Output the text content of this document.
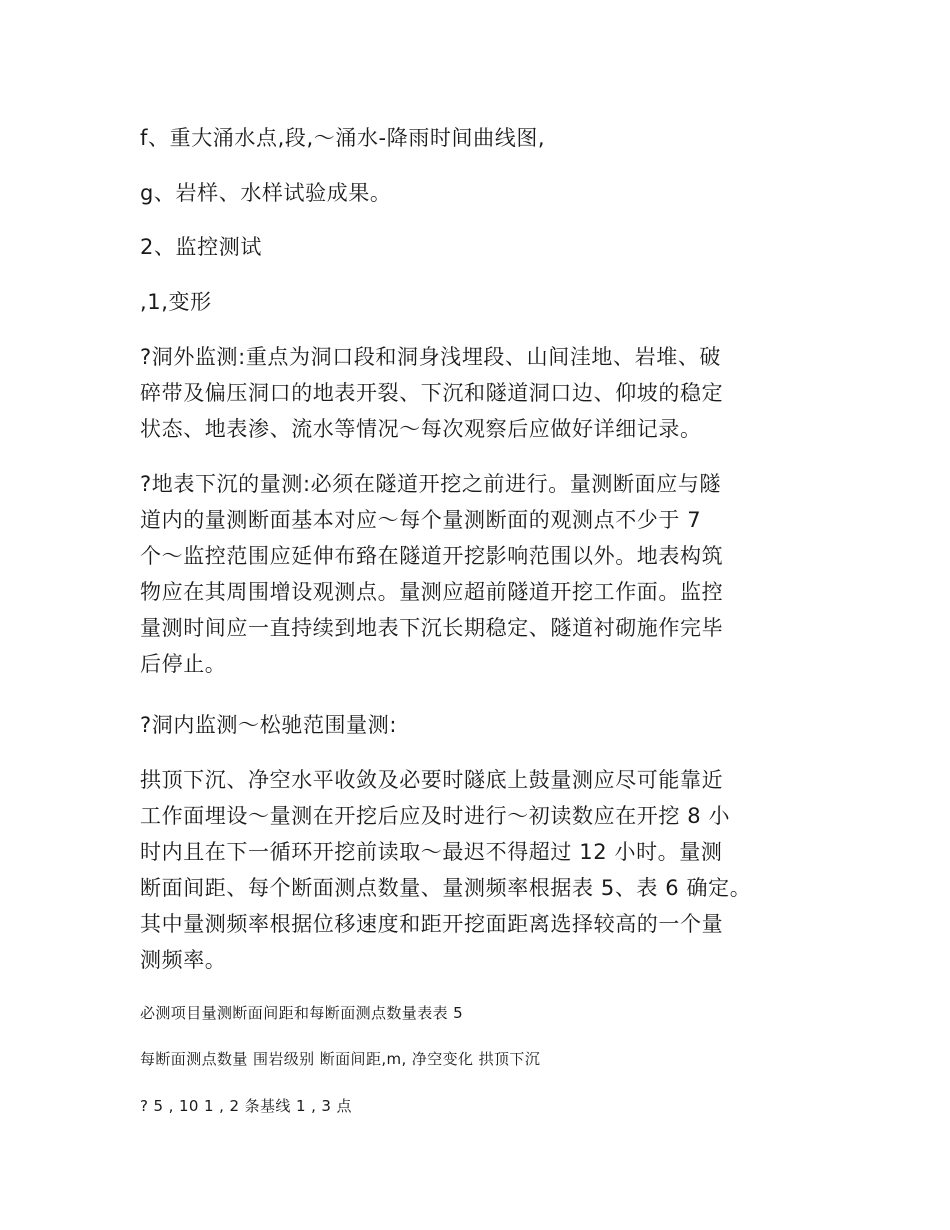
f、重大涌水点,段,～涌水-降雨时间曲线图,

g、岩样、水样试验成果。

2、监控测试

,1,变形

?洞外监测:重点为洞口段和洞身浅埋段、山间洼地、岩堆、破
碎带及偏压洞口的地表开裂、下沉和隧道洞口边、仰坡的稳定
状态、地表渗、流水等情况～每次观察后应做好详细记录。
?地表下沉的量测:必须在隧道开挖之前进行。量测断面应与隧
道内的量测断面基本对应～每个量测断面的观测点不少于 7
个～监控范围应延伸布臵在隧道开挖影响范围以外。地表构筑
物应在其周围增设观测点。量测应超前隧道开挖工作面。监控
量测时间应一直持续到地表下沉长期稳定、隧道衬砌施作完毕
后停止。

?洞内监测～松驰范围量测:

拱顶下沉、净空水平收敛及必要时隧底上鼓量测应尽可能靠近
工作面埋设～量测在开挖后应及时进行～初读数应在开挖 8 小
时内且在下一循环开挖前读取～最迟不得超过 12 小时。量测
断面间距、每个断面测点数量、量测频率根据表 5、表 6 确定。
其中量测频率根据位移速度和距开挖面距离选择较高的一个量
测频率。

必测项目量测断面间距和每断面测点数量表表 5

每断面测点数量 围岩级别 断面间距,m, 净空变化 拱顶下沉

? 5 , 10 1 , 2 条基线 1 , 3 点
